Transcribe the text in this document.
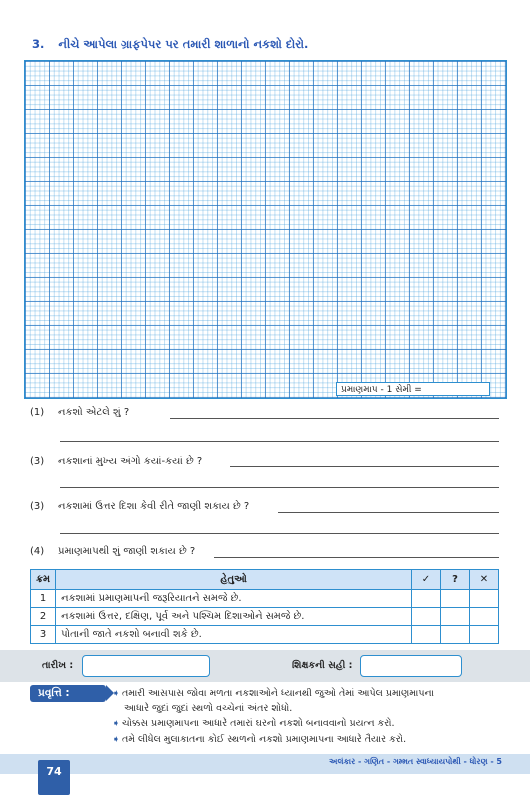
3. નીચે આપેલા ગ્રાફપેપર પર તમારી શાળાનો નકશો દોરો.
પ્રમાણમાપ - 1 સેમી =
(1) નકશો એટલે શું ?
(3) નકશાનાં મુખ્ય અંગો કયાં-કયાં છે ?
(3) નકશામાં ઉત્તર દિશા કેવી રીતે જાણી શકાય છે ?
(4) પ્રમાણમાપથી શું જાણી શકાય છે ?
ક્રમ	હેતુઓ	✓	?	✕
1	નકશામાં પ્રમાણમાપની જરૂરિયાતને સમજે છે.			
2	નકશામાં ઉત્તર, દક્ષિણ, પૂર્વ અને પશ્ચિમ દિશાઓને સમજે છે.			
3	પોતાની જાતે નકશો બનાવી શકે છે.			
તારીખ :	શિક્ષકની સહી :
પ્રવૃત્તિ :	➧ તમારી આસપાસ જોવા મળતા નકશાઓને ધ્યાનથી જુઓ તેમાં આપેલ પ્રમાણમાપના
આધારે જુદાં જુદાં સ્થળો વચ્ચેનાં અંતર શોધો.
➧ ચોક્કસ પ્રમાણમાપના આધારે તમારાં ઘરનો નકશો બનાવવાનો પ્રયત્ન કરો.
➧ તમે લીધેલ મુલાકાતના કોઈ સ્થળનો નકશો પ્રમાણમાપના આધારે તૈયાર કરો.
અલંકાર - ગણિત - ગમ્મત સ્વાધ્યાયપોથી - ધોરણ - 5
74
